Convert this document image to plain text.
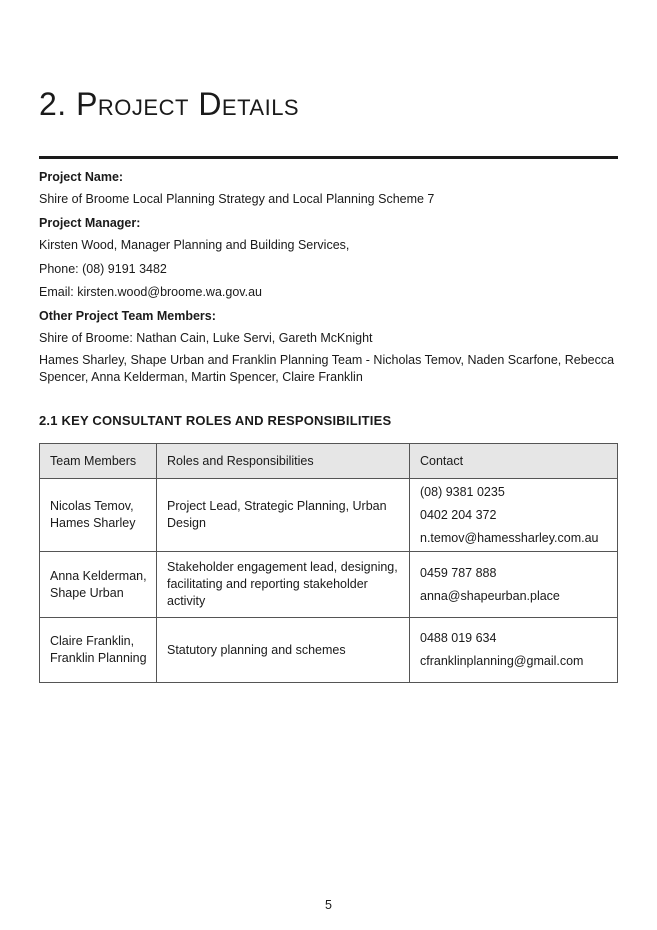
2. Project Details
Project Name:
Shire of Broome Local Planning Strategy and Local Planning Scheme 7
Project Manager:
Kirsten Wood, Manager Planning and Building Services,
Phone: (08) 9191 3482
Email: kirsten.wood@broome.wa.gov.au
Other Project Team Members:
Shire of Broome: Nathan Cain, Luke Servi, Gareth McKnight
Hames Sharley, Shape Urban and Franklin Planning Team - Nicholas Temov, Naden Scarfone, Rebecca Spencer, Anna Kelderman, Martin Spencer, Claire Franklin
2.1 KEY CONSULTANT ROLES AND RESPONSIBILITIES
Team Members	Roles and Responsibilities	Contact
Nicolas Temov, Hames Sharley	Project Lead, Strategic Planning, Urban Design	(08) 9381 0235
0402 204 372
n.temov@hamessharley.com.au

Anna Kelderman, Shape Urban	Stakeholder engagement lead, designing, facilitating and reporting stakeholder activity	0459 787 888
anna@shapeurban.place

Claire Franklin, Franklin Planning	Statutory planning and schemes	0488 019 634
cfranklinplanning@gmail.com
5
